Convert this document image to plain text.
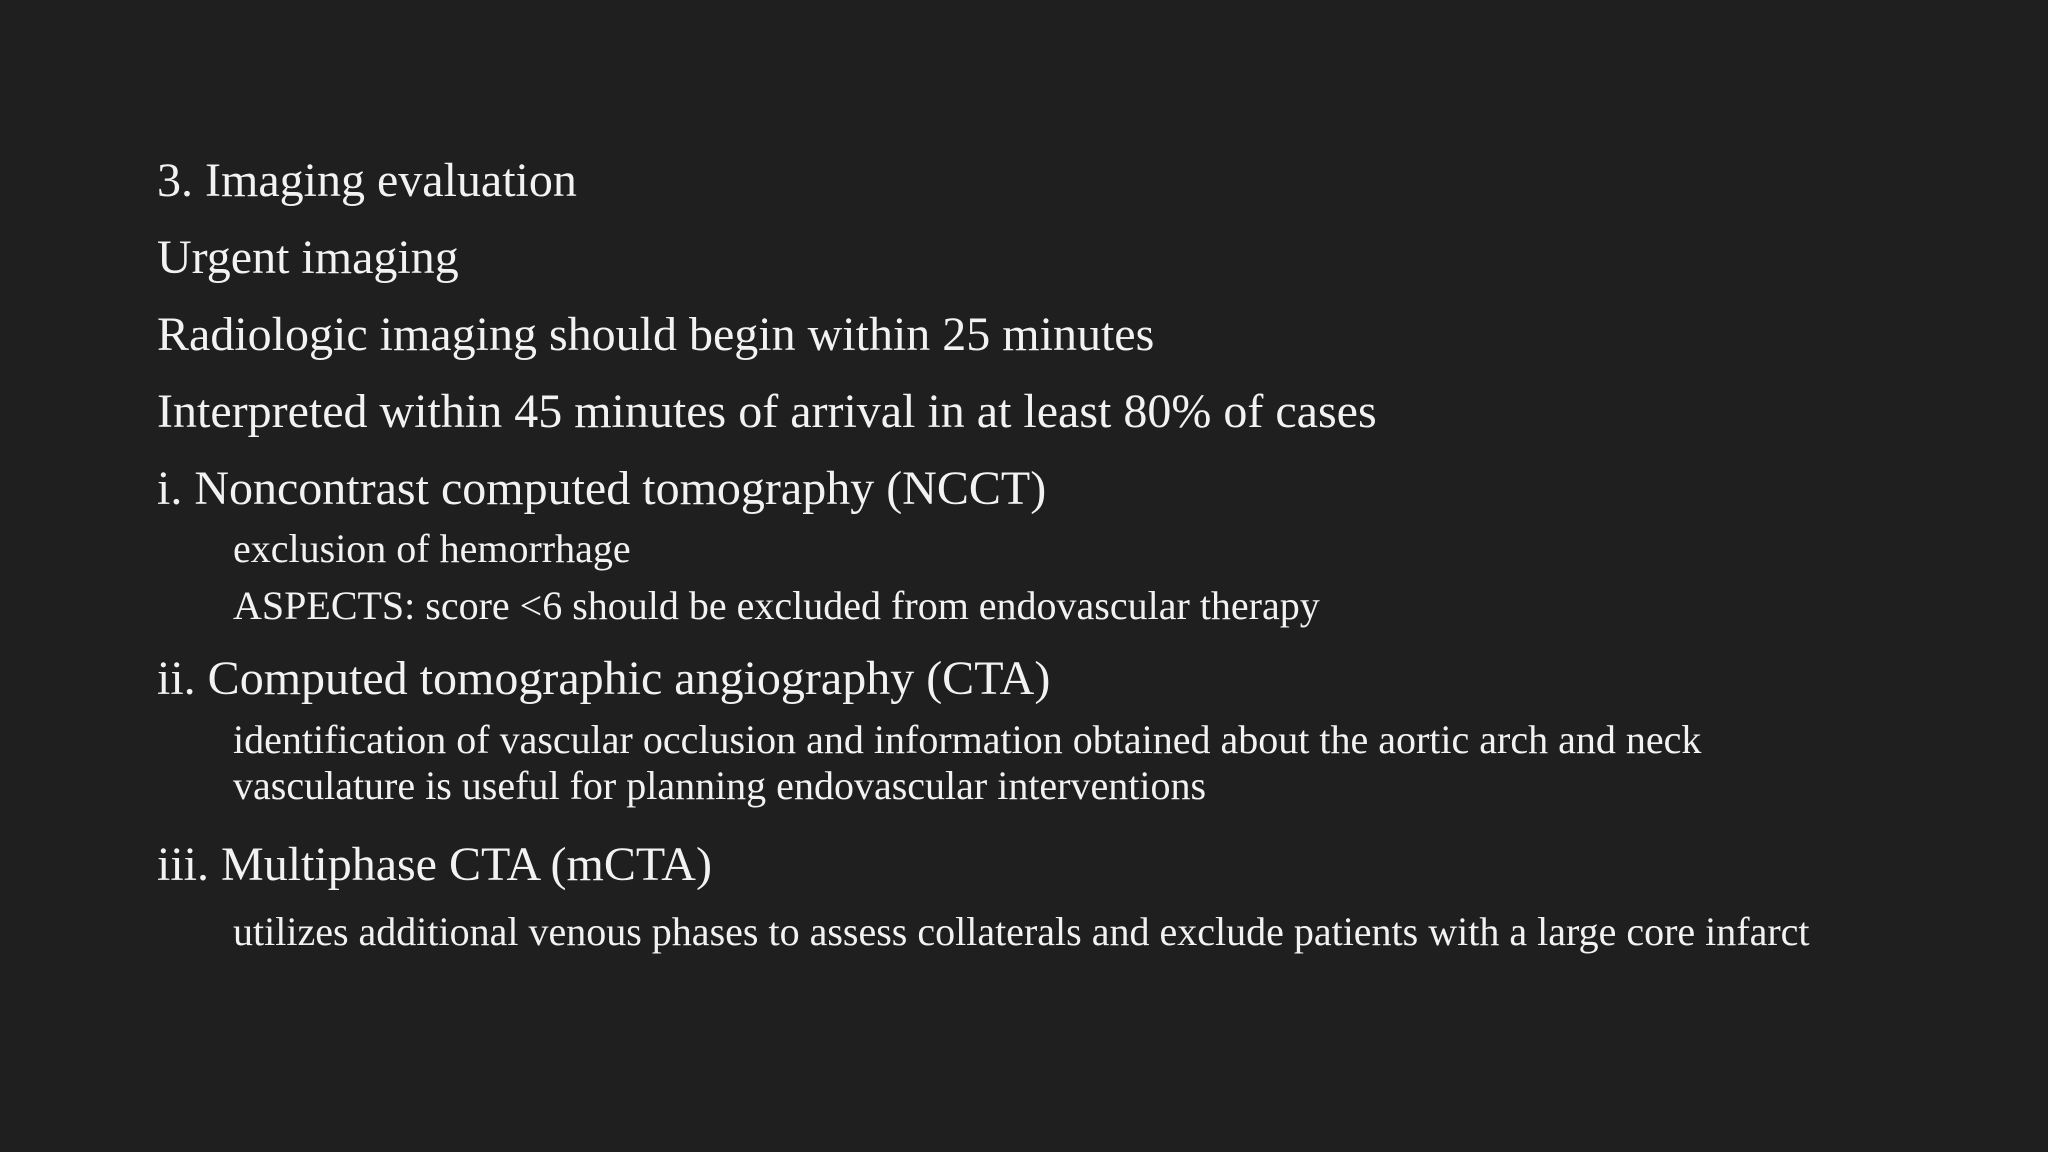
3. Imaging evaluation
Urgent imaging
Radiologic imaging should begin within 25 minutes
Interpreted within 45 minutes of arrival in at least 80% of cases
i. Noncontrast computed tomography (NCCT)
exclusion of hemorrhage
ASPECTS: score <6 should be excluded from endovascular therapy
ii. Computed tomographic angiography (CTA)
identification of vascular occlusion and information obtained about the aortic arch and neck vasculature is useful for planning endovascular interventions
iii. Multiphase CTA (mCTA)
utilizes additional venous phases to assess collaterals and exclude patients with a large core infarct
